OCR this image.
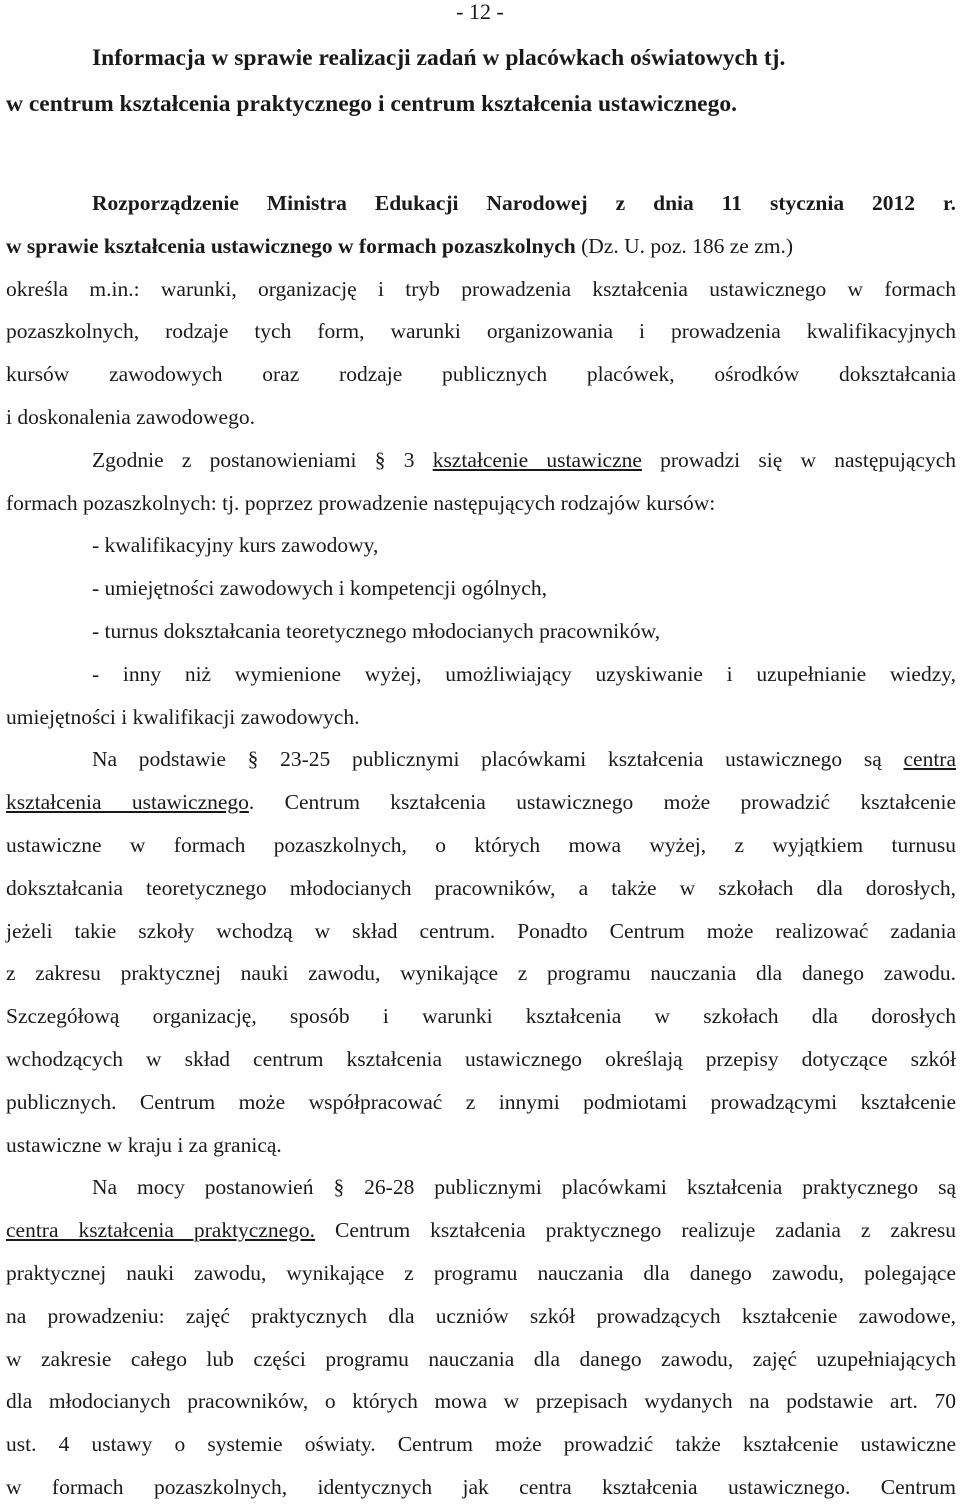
- 12 -
Informacja w sprawie realizacji zadań w placówkach oświatowych tj.
w centrum kształcenia praktycznego i centrum kształcenia ustawicznego.
Rozporządzenie Ministra Edukacji Narodowej z dnia 11 stycznia 2012 r.
w sprawie kształcenia ustawicznego w formach pozaszkolnych (Dz. U. poz. 186 ze zm.)
określa m.in.: warunki, organizację i tryb prowadzenia kształcenia ustawicznego w formach
pozaszkolnych, rodzaje tych form, warunki organizowania i prowadzenia kwalifikacyjnych
kursów zawodowych oraz rodzaje publicznych placówek, ośrodków dokształcania
i doskonalenia zawodowego.
Zgodnie z postanowieniami § 3 kształcenie ustawiczne prowadzi się w następujących
formach pozaszkolnych: tj. poprzez prowadzenie następujących rodzajów kursów:
- kwalifikacyjny kurs zawodowy,
- umiejętności zawodowych i kompetencji ogólnych,
- turnus dokształcania teoretycznego młodocianych pracowników,
- inny niż wymienione wyżej, umożliwiający uzyskiwanie i uzupełnianie wiedzy,
umiejętności i kwalifikacji zawodowych.
Na podstawie § 23-25 publicznymi placówkami kształcenia ustawicznego są centra
kształcenia ustawicznego. Centrum kształcenia ustawicznego może prowadzić kształcenie
ustawiczne w formach pozaszkolnych, o których mowa wyżej, z wyjątkiem turnusu
dokształcania teoretycznego młodocianych pracowników, a także w szkołach dla dorosłych,
jeżeli takie szkoły wchodzą w skład centrum. Ponadto Centrum może realizować zadania
z zakresu praktycznej nauki zawodu, wynikające z programu nauczania dla danego zawodu.
Szczegółową organizację, sposób i warunki kształcenia w szkołach dla dorosłych
wchodzących w skład centrum kształcenia ustawicznego określają przepisy dotyczące szkół
publicznych. Centrum może współpracować z innymi podmiotami prowadzącymi kształcenie
ustawiczne w kraju i za granicą.
Na mocy postanowień § 26-28 publicznymi placówkami kształcenia praktycznego są
centra kształcenia praktycznego. Centrum kształcenia praktycznego realizuje zadania z zakresu
praktycznej nauki zawodu, wynikające z programu nauczania dla danego zawodu, polegające
na prowadzeniu: zajęć praktycznych dla uczniów szkół prowadzących kształcenie zawodowe,
w zakresie całego lub części programu nauczania dla danego zawodu, zajęć uzupełniających
dla młodocianych pracowników, o których mowa w przepisach wydanych na podstawie art. 70
ust. 4 ustawy o systemie oświaty. Centrum może prowadzić także kształcenie ustawiczne
w formach pozaszkolnych, identycznych jak centra kształcenia ustawicznego. Centrum
